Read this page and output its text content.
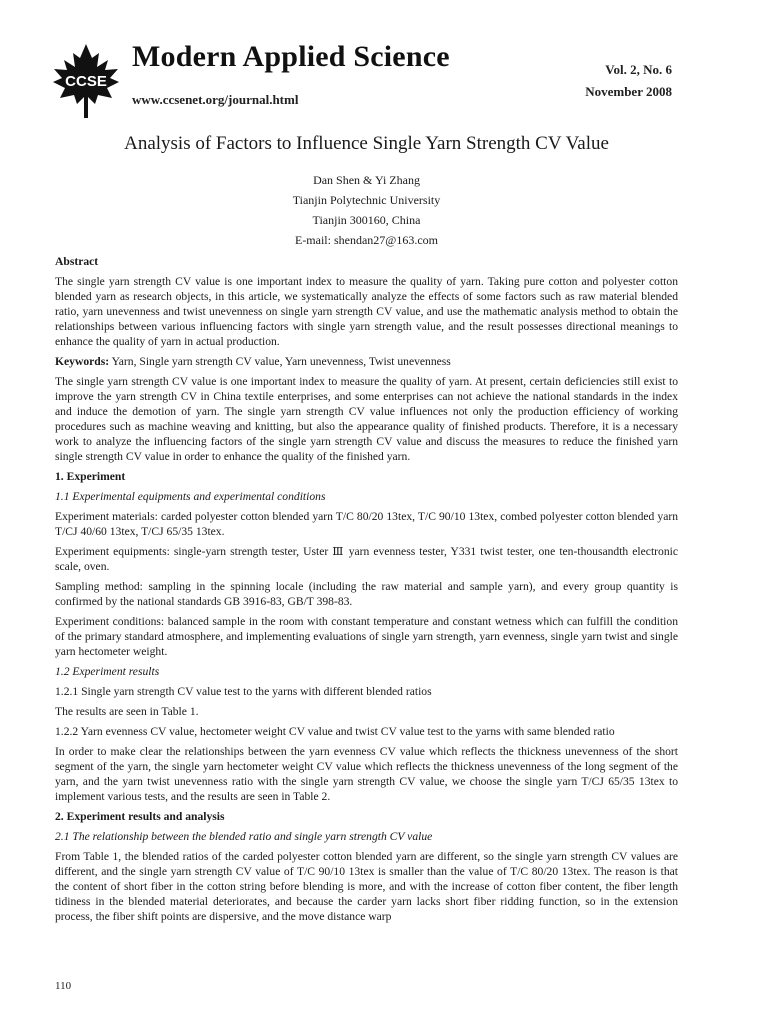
CCSE
Modern Applied Science
www.ccsenet.org/journal.html
Vol. 2, No. 6
November 2008
Analysis of Factors to Influence Single Yarn Strength CV Value
Dan Shen & Yi Zhang
Tianjin Polytechnic University
Tianjin 300160, China
E-mail: shendan27@163.com
Abstract

The single yarn strength CV value is one important index to measure the quality of yarn. Taking pure cotton and polyester cotton blended yarn as research objects, in this article, we systematically analyze the effects of some factors such as raw material blended ratio, yarn unevenness and twist unevenness on single yarn strength CV value, and use the mathematic analysis method to obtain the relationships between various influencing factors with single yarn strength value, and the result possesses directional meanings to enhance the quality of yarn in actual production.

Keywords: Yarn, Single yarn strength CV value, Yarn unevenness, Twist unevenness

The single yarn strength CV value is one important index to measure the quality of yarn. At present, certain deficiencies still exist to improve the yarn strength CV in China textile enterprises, and some enterprises can not achieve the national standards in the index and induce the demotion of yarn. The single yarn strength CV value influences not only the production efficiency of working procedures such as machine weaving and knitting, but also the appearance quality of finished products. Therefore, it is a necessary work to analyze the influencing factors of the single yarn strength CV value and discuss the measures to reduce the finished yarn single strength CV value in order to enhance the quality of the finished yarn.

1. Experiment
1.1 Experimental equipments and experimental conditions

Experiment materials: carded polyester cotton blended yarn T/C 80/20 13tex, T/C 90/10 13tex, combed polyester cotton blended yarn T/CJ 40/60 13tex, T/CJ 65/35 13tex.

Experiment equipments: single-yarn strength tester, Uster Ⅲ yarn evenness tester, Y331 twist tester, one ten-thousandth electronic scale, oven.

Sampling method: sampling in the spinning locale (including the raw material and sample yarn), and every group quantity is confirmed by the national standards GB 3916-83, GB/T 398-83.

Experiment conditions: balanced sample in the room with constant temperature and constant wetness which can fulfill the condition of the primary standard atmosphere, and implementing evaluations of single yarn strength, yarn evenness, single yarn twist and single yarn hectometer weight.

1.2 Experiment results

1.2.1 Single yarn strength CV value test to the yarns with different blended ratios

The results are seen in Table 1.

1.2.2 Yarn evenness CV value, hectometer weight CV value and twist CV value test to the yarns with same blended ratio

In order to make clear the relationships between the yarn evenness CV value which reflects the thickness unevenness of the short segment of the yarn, the single yarn hectometer weight CV value which reflects the thickness unevenness of the long segment of the yarn, and the yarn twist unevenness ratio with the single yarn strength CV value, we choose the single yarn T/CJ 65/35 13tex to implement various tests, and the results are seen in Table 2.

2. Experiment results and analysis
2.1 The relationship between the blended ratio and single yarn strength CV value

From Table 1, the blended ratios of the carded polyester cotton blended yarn are different, so the single yarn strength CV values are different, and the single yarn strength CV value of T/C 90/10 13tex is smaller than the value of T/C 80/20 13tex. The reason is that the content of short fiber in the cotton string before blending is more, and with the increase of cotton fiber content, the fiber length tidiness in the blended material deteriorates, and because the carder yarn lacks short fiber ridding function, so in the extension process, the fiber shift points are dispersive, and the move distance warp

110
